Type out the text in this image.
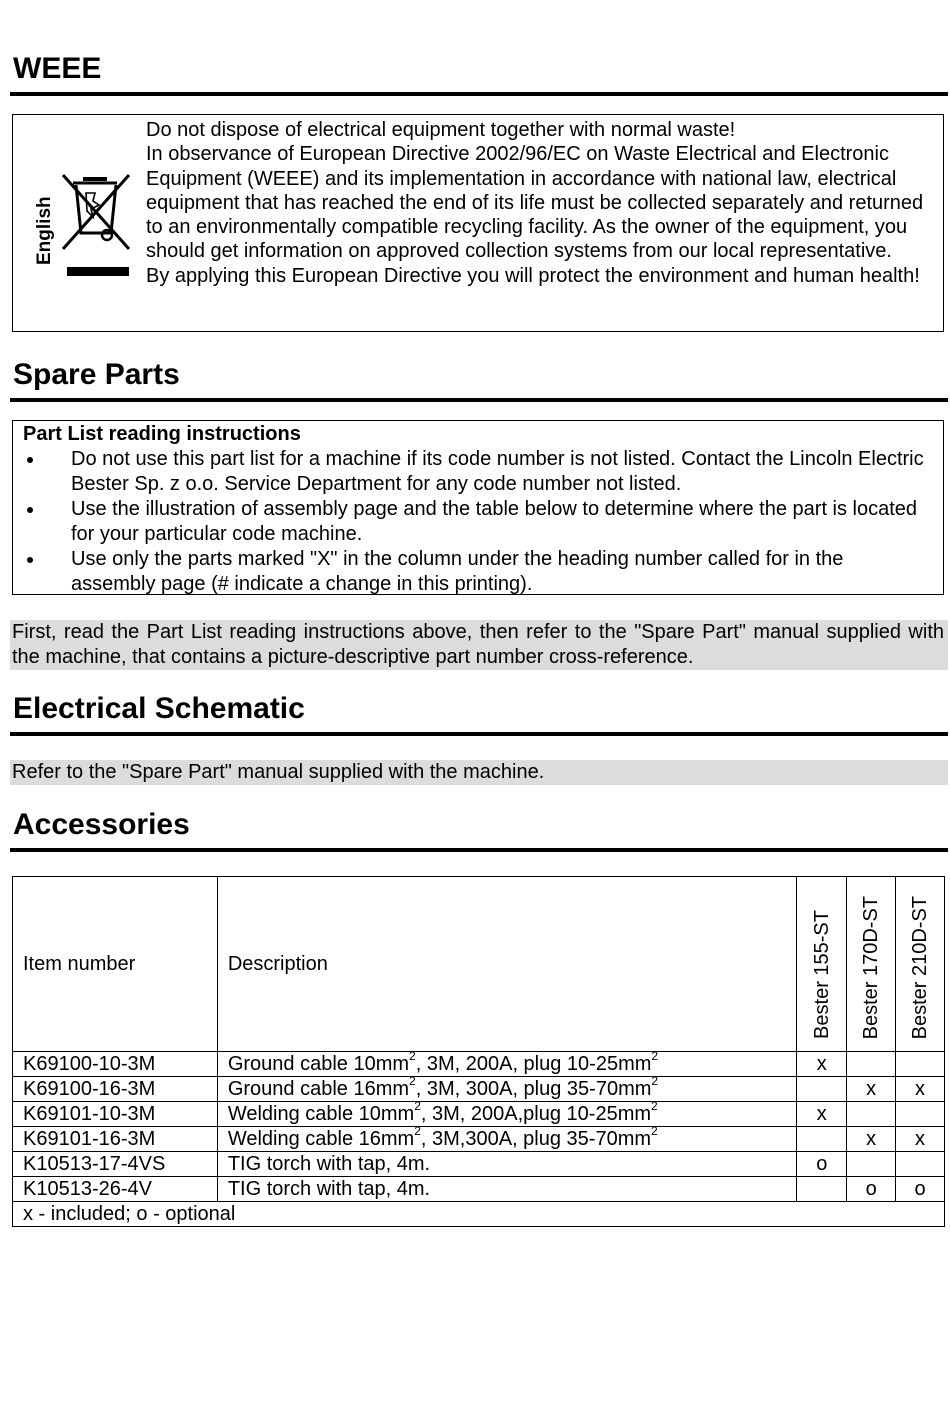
WEEE
English

Do not dispose of electrical equipment together with normal waste!

In observance of European Directive 2002/96/EC on Waste Electrical and Electronic Equipment (WEEE) and its implementation in accordance with national law, electrical equipment that has reached the end of its life must be collected separately and returned to an environmentally compatible recycling facility. As the owner of the equipment, you should get information on approved collection systems from our local representative.

By applying this European Directive you will protect the environment and human health!

Spare Parts
Part List reading instructions
Do not use this part list for a machine if its code number is not listed. Contact the Lincoln Electric Bester Sp. z o.o. Service Department for any code number not listed.
Use the illustration of assembly page and the table below to determine where the part is located for your particular code machine.
Use only the parts marked "X" in the column under the heading number called for in the assembly page (# indicate a change in this printing).
First, read the Part List reading instructions above, then refer to the "Spare Part" manual supplied with the machine, that contains a picture-descriptive part number cross-reference.
Electrical Schematic
Refer to the "Spare Part" manual supplied with the machine.
Accessories
Item number	Description	Bester 155-ST	Bester 170D-ST	Bester 210D-ST

K69100-10-3M	Ground cable $10mm^2$, 3M, 200A, plug $10-25mm^2$	x		
K69100-16-3M	Ground cable $16mm^2$, 3M, 300A, plug $35-70mm^2$		x	x
K69101-10-3M	Welding cable $10mm^2$, 3M, 200A,plug $10-25mm^2$	x		
K69101-16-3M	Welding cable $16mm^2$, 3M,300A, plug $35-70mm^2$		x	x
K10513-17-4VS	TIG torch with tap, 4m.	o		
K10513-26-4V	TIG torch with tap, 4m.		o	o
x - included; o - optional				
